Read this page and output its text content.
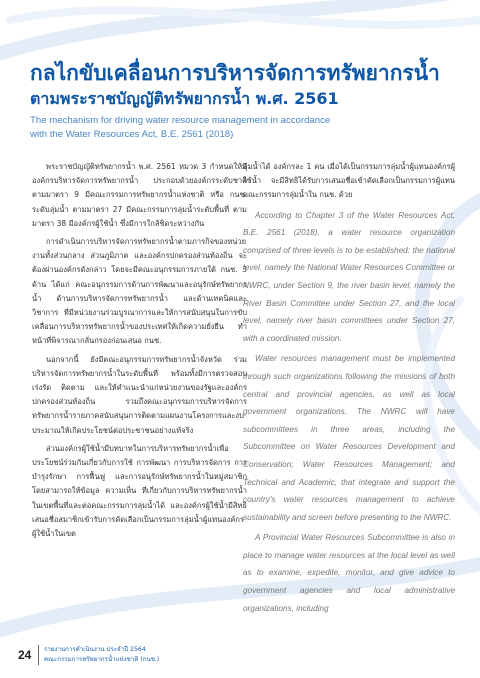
กลไกขับเคลื่อนการบริหารจัดการทรัพยากรน้ำ
ตามพระราชบัญญัติทรัพยากรน้ำ พ.ศ. 2561
The mechanism for driving water resource management in accordance
with the Water Resources Act, B.E. 2561 (2018)

พระราชบัญญัติทรัพยากรน้ำ พ.ศ. 2561 หมวด 3 กำหนดให้มีองค์กรบริหารจัดการทรัพยากรน้ำ ประกอบด้วยองค์กรระดับชาติ ตามมาตรา 9 มีคณะกรรมการทรัพยากรน้ำแห่งชาติ หรือ กนช. ระดับลุ่มน้ำ ตามมาตรา 27 มีคณะกรรมการลุ่มน้ำระดับพื้นที่ ตามมาตรา 38 มีองค์กรผู้ใช้น้ำ ซึ่งมีการใกล้ชิดระหว่างกัน

การดำเนินการบริหารจัดการทรัพยากรน้ำตามภารกิจของหน่วยงานทั้งส่วนกลาง ส่วนภูมิภาค และองค์กรปกครองส่วนท้องถิ่น จะต้องผ่านองค์กรดังกล่าว โดยจะมีคณะอนุกรรมการภายใต้ กนช. 3 ด้าน ได้แก่ คณะอนุกรรมการด้านการพัฒนาและอนุรักษ์ทรัพยากรน้ำ ด้านการบริหารจัดการทรัพยากรน้ำ และด้านเทคนิคและวิชาการ ที่มีหน่วยงานร่วมบูรณาการและให้การสนับสนุนในการขับเคลื่อนการบริหารทรัพยากรน้ำของประเทศให้เกิดความยั่งยืน ทำหน้าที่พิจารณากลั่นกรองก่อนเสนอ กนช.

นอกจากนี้ ยังมีคณะอนุกรรมการทรัพยากรน้ำจังหวัด ร่วมบริหารจัดการทรัพยากรน้ำในระดับพื้นที่ พร้อมทั้งมีการตรวจสอบ เร่งรัด ติดตาม และให้คำแนะนำแก่หน่วยงานของรัฐและองค์กรปกครองส่วนท้องถิ่น รวมถึงคณะอนุกรรมการบริหารจัดการทรัพยากรน้ำรายภาคสนับสนุนการติดตามแผนงานโครงการและงบประมาณให้เกิดประโยชน์ต่อประชาชนอย่างแท้จริง

ส่วนองค์กรผู้ใช้น้ำมีบทบาทในการบริหารทรัพยากรน้ำเพื่อประโยชน์ร่วมกันเกี่ยวกับการใช้ การพัฒนา การบริหารจัดการ การบำรุงรักษา การฟื้นฟู และการอนุรักษ์ทรัพยากรน้ำในหมู่สมาชิก โดยสามารถให้ข้อมูล ความเห็น ที่เกี่ยวกับการบริหารทรัพยากรน้ำในเขตพื้นที่และต่อคณะกรรมการลุ่มน้ำได้ และองค์กรผู้ใช้น้ำมีสิทธิเสนอชื่อสมาชิกเข้ารับการคัดเลือกเป็นกรรมการลุ่มน้ำผู้แทนองค์กรผู้ใช้น้ำในเขต

ลุ่มน้ำได้ องค์กรละ 1 คน เมื่อได้เป็นกรรมการลุ่มน้ำผู้แทนองค์กรผู้ใช้น้ำ จะมีสิทธิได้รับการเสนอชื่อเข้าคัดเลือกเป็นกรรมการผู้แทนคณะกรรมการลุ่มน้ำใน กนช. ด้วย

According to Chapter 3 of the Water Resources Act, B.E. 2561 (2018), a water resource organization comprised of three levels is to be established: the national level, namely the National Water Resources Committee or NWRC, under Section 9, the river basin level, namely the River Basin Committee under Section 27, and the local level, namely river basin committees under Section 27, with a coordinated mission.

Water resources management must be implemented through such organizations following the missions of both central and provincial agencies, as well as local government organizations. The NWRC will have subcommittees in three areas, including the Subcommittee on Water Resources Development and Conservation; Water Resources Management; and Technical and Academic, that integrate and support the country's water resources management to achieve sustainability and screen before presenting to the NWRC.

A Provincial Water Resources Subcommittee is also in place to manage water resources at the local level as well as to examine, expedite, monitor, and give advice to government agencies and local administrative organizations, including

24 รายงานการดำเนินงาน ประจำปี 2564
คณะกรรมการทรัพยากรน้ำแห่งชาติ (กนช.)
